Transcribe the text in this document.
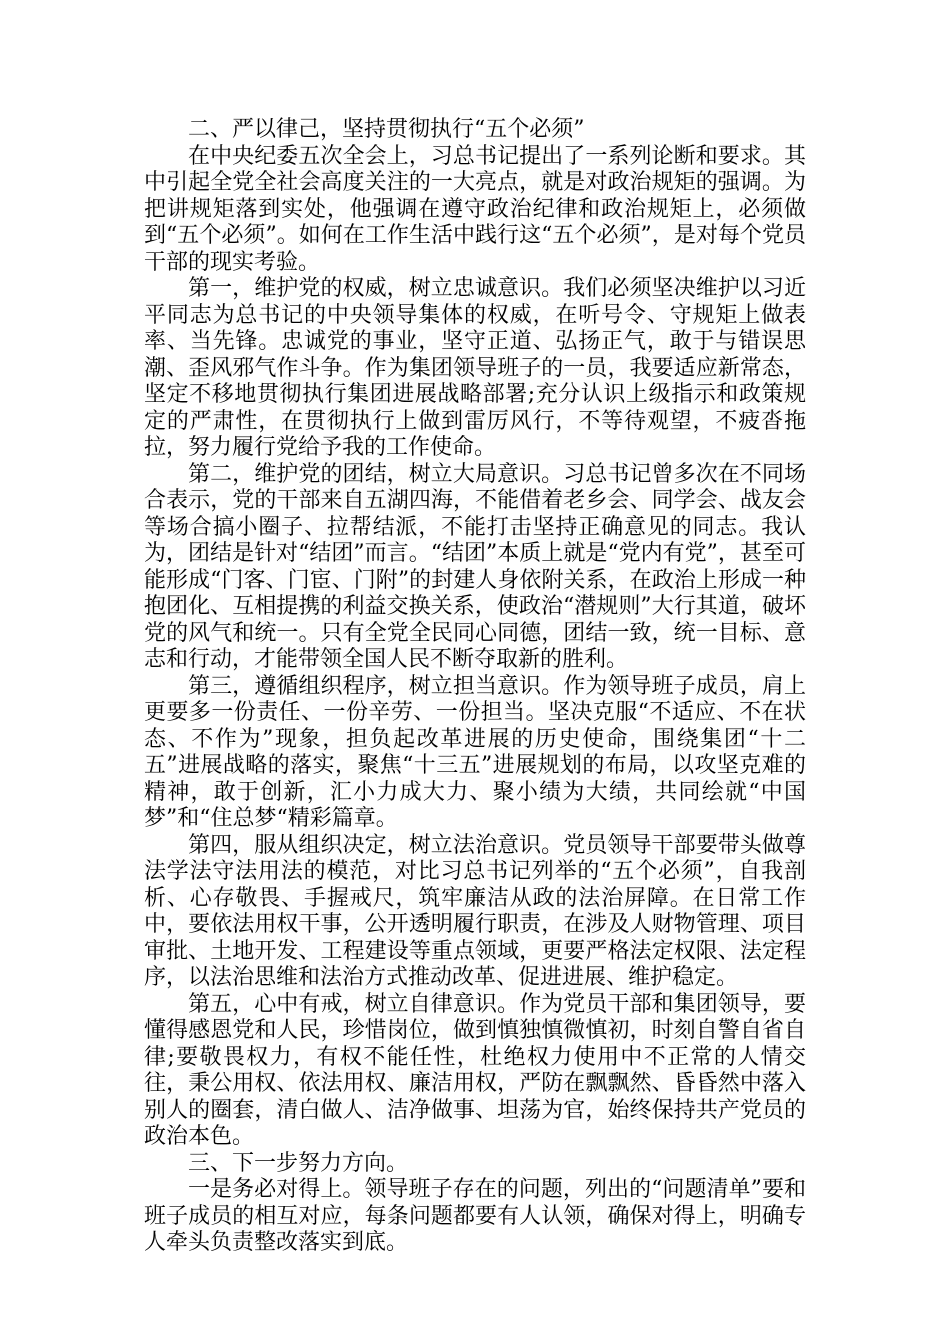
二、严以律己，坚持贯彻执行“五个必须”

在中央纪委五次全会上，习总书记提出了一系列论断和要求。其中引起全党全社会高度关注的一大亮点，就是对政治规矩的强调。为把讲规矩落到实处，他强调在遵守政治纪律和政治规矩上，必须做到“五个必须”。如何在工作生活中践行这“五个必须”，是对每个党员干部的现实考验。

第一，维护党的权威，树立忠诚意识。我们必须坚决维护以习近平同志为总书记的中央领导集体的权威，在听号令、守规矩上做表率、当先锋。忠诚党的事业，坚守正道、弘扬正气，敢于与错误思潮、歪风邪气作斗争。作为集团领导班子的一员，我要适应新常态，坚定不移地贯彻执行集团进展战略部署;充分认识上级指示和政策规定的严肃性，在贯彻执行上做到雷厉风行，不等待观望，不疲沓拖拉，努力履行党给予我的工作使命。

第二，维护党的团结，树立大局意识。习总书记曾多次在不同场合表示，党的干部来自五湖四海，不能借着老乡会、同学会、战友会等场合搞小圈子、拉帮结派，不能打击坚持正确意见的同志。我认为，团结是针对“结团”而言。“结团”本质上就是“党内有党”，甚至可能形成“门客、门宦、门附”的封建人身依附关系，在政治上形成一种抱团化、互相提携的利益交换关系，使政治“潜规则”大行其道，破坏党的风气和统一。只有全党全民同心同德，团结一致，统一目标、意志和行动，才能带领全国人民不断夺取新的胜利。

第三，遵循组织程序，树立担当意识。作为领导班子成员，肩上更要多一份责任、一份辛劳、一份担当。坚决克服“不适应、不在状态、不作为”现象，担负起改革进展的历史使命，围绕集团“十二五”进展战略的落实，聚焦“十三五”进展规划的布局，以攻坚克难的精神，敢于创新，汇小力成大力、聚小绩为大绩，共同绘就“中国梦”和“住总梦“精彩篇章。

第四，服从组织决定，树立法治意识。党员领导干部要带头做尊法学法守法用法的模范，对比习总书记列举的“五个必须”，自我剖析、心存敬畏、手握戒尺，筑牢廉洁从政的法治屏障。在日常工作中，要依法用权干事，公开透明履行职责，在涉及人财物管理、项目审批、土地开发、工程建设等重点领域，更要严格法定权限、法定程序，以法治思维和法治方式推动改革、促进进展、维护稳定。

第五，心中有戒，树立自律意识。作为党员干部和集团领导，要懂得感恩党和人民，珍惜岗位，做到慎独慎微慎初，时刻自警自省自律;要敬畏权力，有权不能任性，杜绝权力使用中不正常的人情交往，秉公用权、依法用权、廉洁用权，严防在飘飘然、昏昏然中落入别人的圈套，清白做人、洁净做事、坦荡为官，始终保持共产党员的政治本色。

三、下一步努力方向。

一是务必对得上。领导班子存在的问题，列出的“问题清单”要和班子成员的相互对应，每条问题都要有人认领，确保对得上，明确专人牵头负责整改落实到底。
